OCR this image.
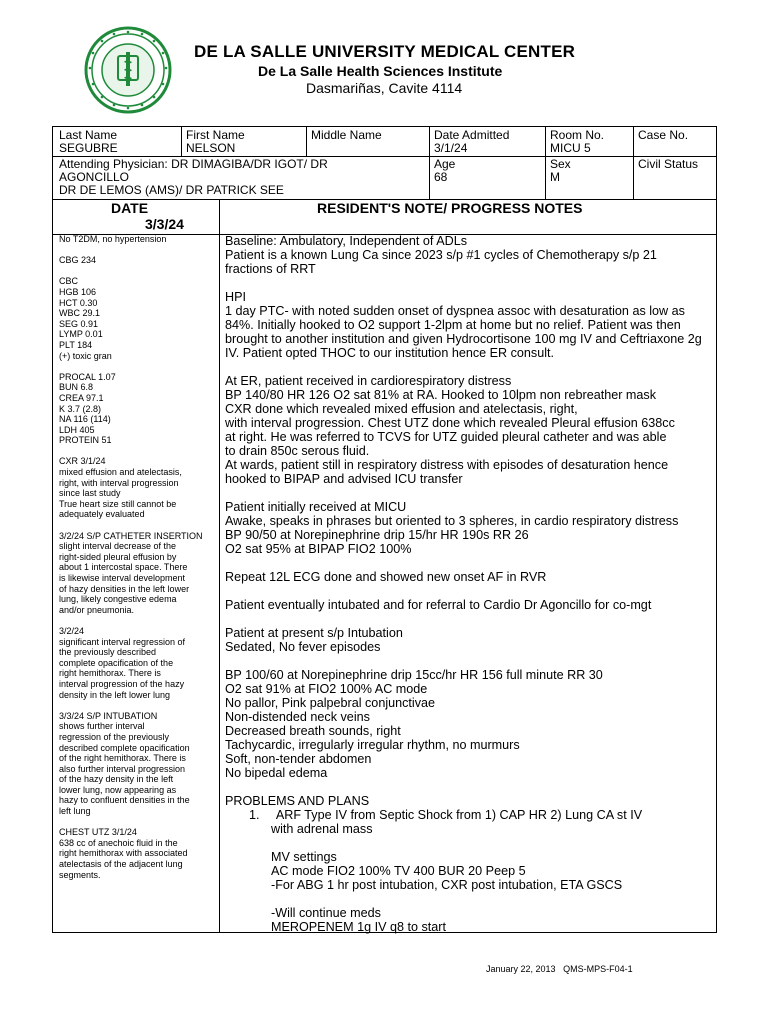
DE LA SALLE UNIVERSITY MEDICAL CENTER
De La Salle Health Sciences Institute
Dasmariñas, Cavite 4114
Last Name
SEGUBRE
First Name
NELSON
Middle Name	Date Admitted
3/1/24
Room No.
MICU 5
Case No.
Attending Physician: DR DIMAGIBA/DR IGOT/ DR
AGONCILLO
DR DE LEMOS (AMS)/ DR PATRICK SEE
Age
68
Sex
M
Civil Status
DATE
3/3/24
RESIDENT'S NOTE/ PROGRESS NOTES
No T2DM, no hypertension
CBG 234
CBC
HGB 106
HCT 0.30
WBC 29.1
SEG 0.91
LYMP 0.01
PLT 184
(+) toxic gran
PROCAL 1.07
BUN 6.8
CREA 97.1
K 3.7 (2.8)
NA 116 (114)
LDH 405
PROTEIN 51
CXR 3/1/24
mixed effusion and atelectasis,
right, with interval progression
since last study
True heart size still cannot be
adequately evaluated
3/2/24 S/P CATHETER INSERTION
slight interval decrease of the
right-sided pleural effusion by
about 1 intercostal space. There
is likewise interval development
of hazy densities in the left lower
lung, likely congestive edema
and/or pneumonia.
3/2/24
significant interval regression of
the previously described
complete opacification of the
right hemithorax. There is
interval progression of the hazy
density in the left lower lung
3/3/24 S/P INTUBATION
shows further interval
regression of the previously
described complete opacification
of the right hemithorax. There is
also further interval progression
of the hazy density in the left
lower lung, now appearing as
hazy to confluent densities in the
left lung
CHEST UTZ 3/1/24
638 cc of anechoic fluid in the
right hemithorax with associated
atelectasis of the adjacent lung
segments.
Baseline: Ambulatory, Independent of ADLs
Patient is a known Lung Ca since 2023 s/p #1 cycles of Chemotherapy s/p 21
fractions of RRT
HPI
1 day PTC- with noted sudden onset of dyspnea assoc with desaturation as low as
84%. Initially hooked to O2 support 1-2lpm at home but no relief. Patient was then
brought to another institution and given Hydrocortisone 100 mg IV and Ceftriaxone 2g
IV. Patient opted THOC to our institution hence ER consult.
At ER, patient received in cardiorespiratory distress
BP 140/80 HR 126 O2 sat 81% at RA. Hooked to 10lpm non rebreather mask
CXR done which revealed mixed effusion and atelectasis, right,
with interval progression. Chest UTZ done which revealed Pleural effusion 638cc
at right. He was referred to TCVS for UTZ guided pleural catheter and was able
to drain 850c serous fluid.
At wards, patient still in respiratory distress with episodes of desaturation hence
hooked to BIPAP and advised ICU transfer
Patient initially received at MICU
Awake, speaks in phrases but oriented to 3 spheres, in cardio respiratory distress
BP 90/50 at Norepinephrine drip 15/hr HR 190s RR 26
O2 sat 95% at BIPAP FIO2 100%
Repeat 12L ECG done and showed new onset AF in RVR
Patient eventually intubated and for referral to Cardio Dr Agoncillo for co-mgt
Patient at present s/p Intubation
Sedated, No fever episodes
BP 100/60 at Norepinephrine drip 15cc/hr HR 156 full minute RR 30
O2 sat 91% at FIO2 100% AC mode
No pallor, Pink palpebral conjunctivae
Non-distended neck veins
Decreased breath sounds, right
Tachycardic, irregularly irregular rhythm, no murmurs
Soft, non-tender abdomen
No bipedal edema
PROBLEMS AND PLANS
1. ARF Type IV from Septic Shock from 1) CAP HR 2) Lung CA st IV
with adrenal mass
MV settings
AC mode FIO2 100% TV 400 BUR 20 Peep 5
-For ABG 1 hr post intubation, CXR post intubation, ETA GSCS
-Will continue meds
MEROPENEM 1g IV q8 to start
January 22, 2013 QMS-MPS-F04-1
